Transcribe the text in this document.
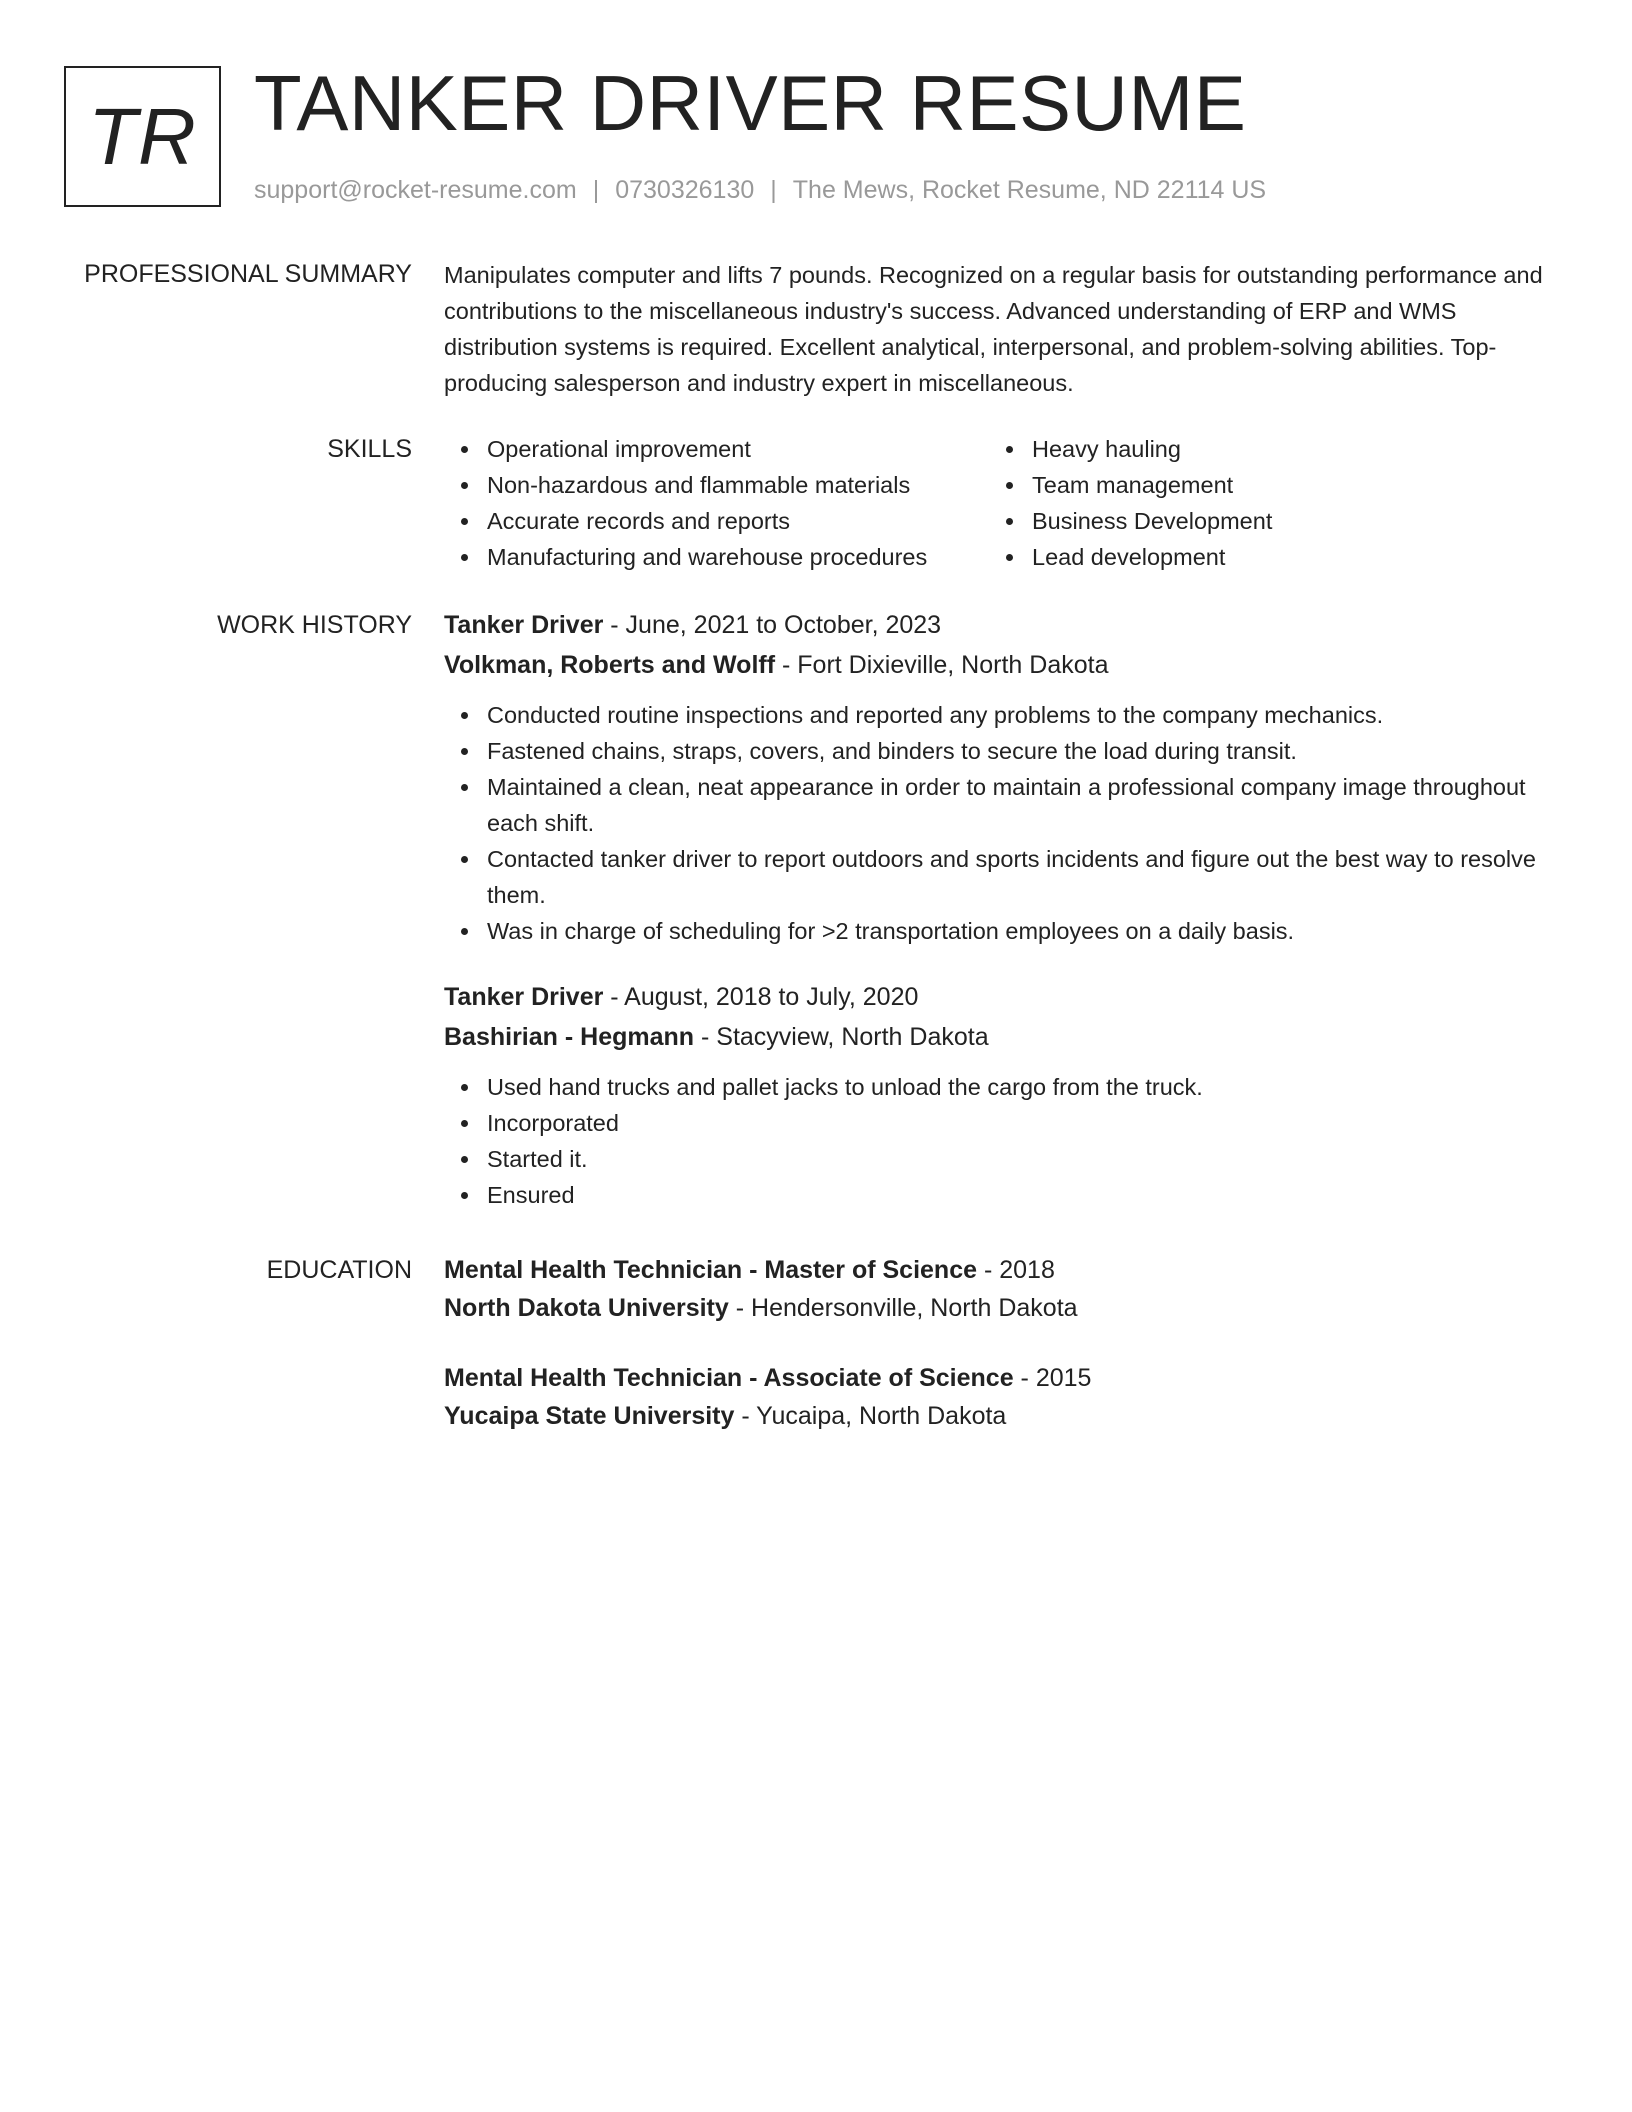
TR TANKER DRIVER RESUME
support@rocket-resume.com | 0730326130 | The Mews, Rocket Resume, ND 22114 US
PROFESSIONAL SUMMARY Manipulates computer and lifts 7 pounds. Recognized on a regular basis for outstanding performance and contributions to the miscellaneous industry's success. Advanced understanding of ERP and WMS distribution systems is required. Excellent analytical, interpersonal, and problem-solving abilities. Top-producing salesperson and industry expert in miscellaneous.

SKILLS	Operational improvement
Non-hazardous and flammable materials
Accurate records and reports
Manufacturing and warehouse procedures
Heavy hauling
Team management
Business Development
Lead development
WORK HISTORY Tanker Driver - June, 2021 to October, 2023
Volkman, Roberts and Wolff - Fort Dixieville, North Dakota
Conducted routine inspections and reported any problems to the company mechanics.
Fastened chains, straps, covers, and binders to secure the load during transit.
Maintained a clean, neat appearance in order to maintain a professional company image throughout each shift.
Contacted tanker driver to report outdoors and sports incidents and figure out the best way to resolve them.
Was in charge of scheduling for >2 transportation employees on a daily basis.
Tanker Driver - August, 2018 to July, 2020
Bashirian - Hegmann - Stacyview, North Dakota
Used hand trucks and pallet jacks to unload the cargo from the truck.
Incorporated
Started it.
Ensured
EDUCATION Mental Health Technician - Master of Science - 2018
North Dakota University - Hendersonville, North Dakota
Mental Health Technician - Associate of Science - 2015
Yucaipa State University - Yucaipa, North Dakota
